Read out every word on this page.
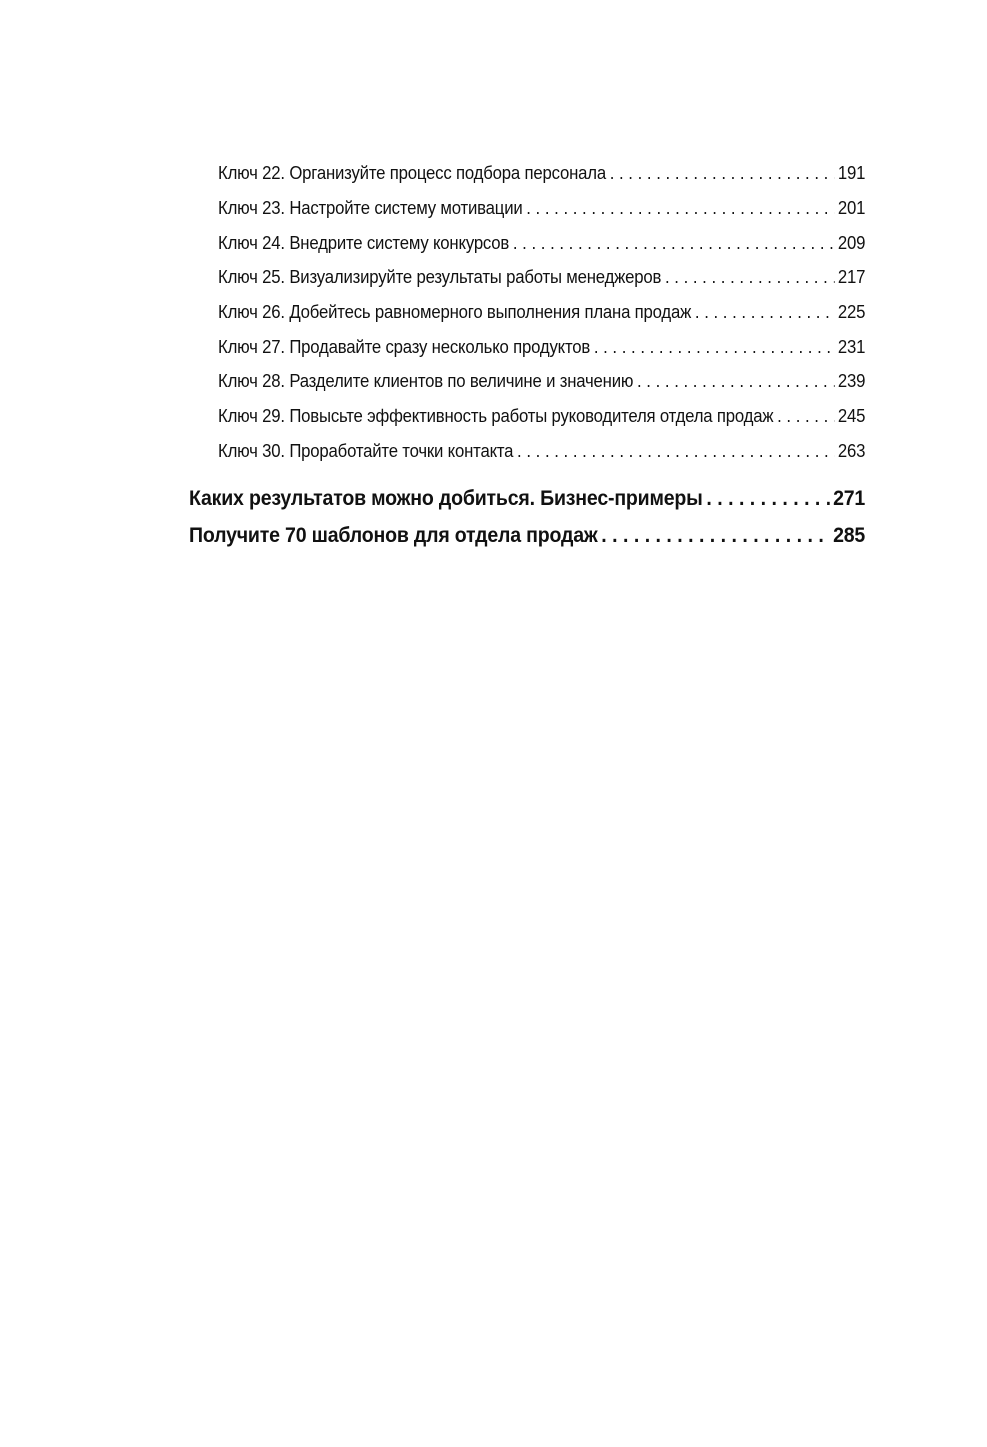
Ключ 22. Организуйте процесс подбора персонала . . .	191
Ключ 23. Настройте систему мотивации . . .	201
Ключ 24. Внедрите систему конкурсов . . .	209
Ключ 25. Визуализируйте результаты работы менеджеров . . .	217
Ключ 26. Добейтесь равномерного выполнения плана продаж . . .	225
Ключ 27. Продавайте сразу несколько продуктов . . .	231
Ключ 28. Разделите клиентов по величине и значению . . .	239
Ключ 29. Повысьте эффективность работы руководителя отдела продаж . . .	245
Ключ 30. Проработайте точки контакта . . .	263
Каких результатов можно добиться. Бизнес-примеры . . .	271
Получите 70 шаблонов для отдела продаж . . .	285
